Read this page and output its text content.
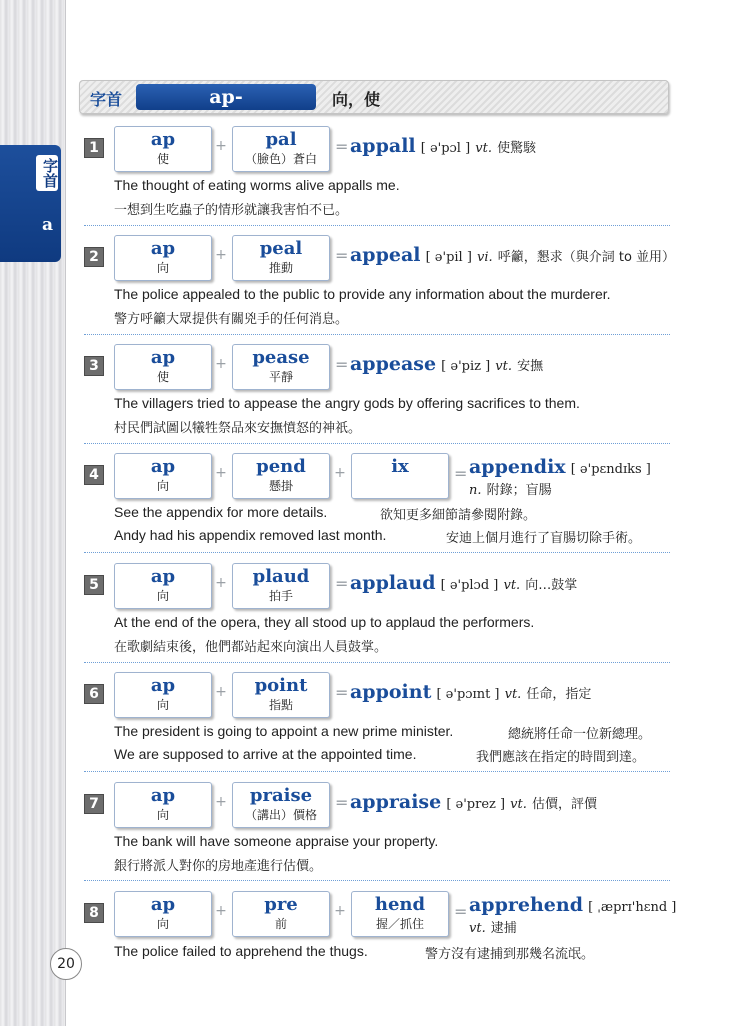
字首
a
字首	ap-	向，使
1	ap
使
+	pal
（臉色）蒼白
= appall [ ə'pɔl ] vt. 使驚駭
The thought of eating worms alive appalls me.
一想到生吃蟲子的情形就讓我害怕不已。
2	ap
向
+	peal
推動
= appeal [ ə'pil ] vi. 呼籲，懇求（與介詞 to 並用）
The police appealed to the public to provide any information about the murderer.
警方呼籲大眾提供有關兇手的任何消息。
3	ap
使
+	pease
平靜
= appease [ ə'piz ] vt. 安撫
The villagers tried to appease the angry gods by offering sacrifices to them.
村民們試圖以犧牲祭品來安撫憤怒的神祇。
4	ap
向
+	pend
懸掛
+	ix	= appendix [ ə'pɛndɪks ]
n. 附錄；盲腸
See the appendix for more details.	欲知更多細節請參閱附錄。
Andy had his appendix removed last month.	安迪上個月進行了盲腸切除手術。
5	ap
向
+	plaud
拍手
= applaud [ ə'plɔd ] vt. 向…鼓掌
At the end of the opera, they all stood up to applaud the performers.
在歌劇結束後，他們都站起來向演出人員鼓掌。
6	ap
向
+	point
指點
= appoint [ ə'pɔɪnt ] vt. 任命，指定
The president is going to appoint a new prime minister.	總統將任命一位新總理。
We are supposed to arrive at the appointed time.	我們應該在指定的時間到達。
7	ap
向
+	praise
（講出）價格
= appraise [ ə'prez ] vt. 估價，評價
The bank will have someone appraise your property.
銀行將派人對你的房地產進行估價。
8	ap
向
+	pre
前
+	hend
握／抓住
= apprehend [ ˌæprɪ'hɛnd ]
vt. 逮捕
The police failed to apprehend the thugs.	警方沒有逮捕到那幾名流氓。
20
